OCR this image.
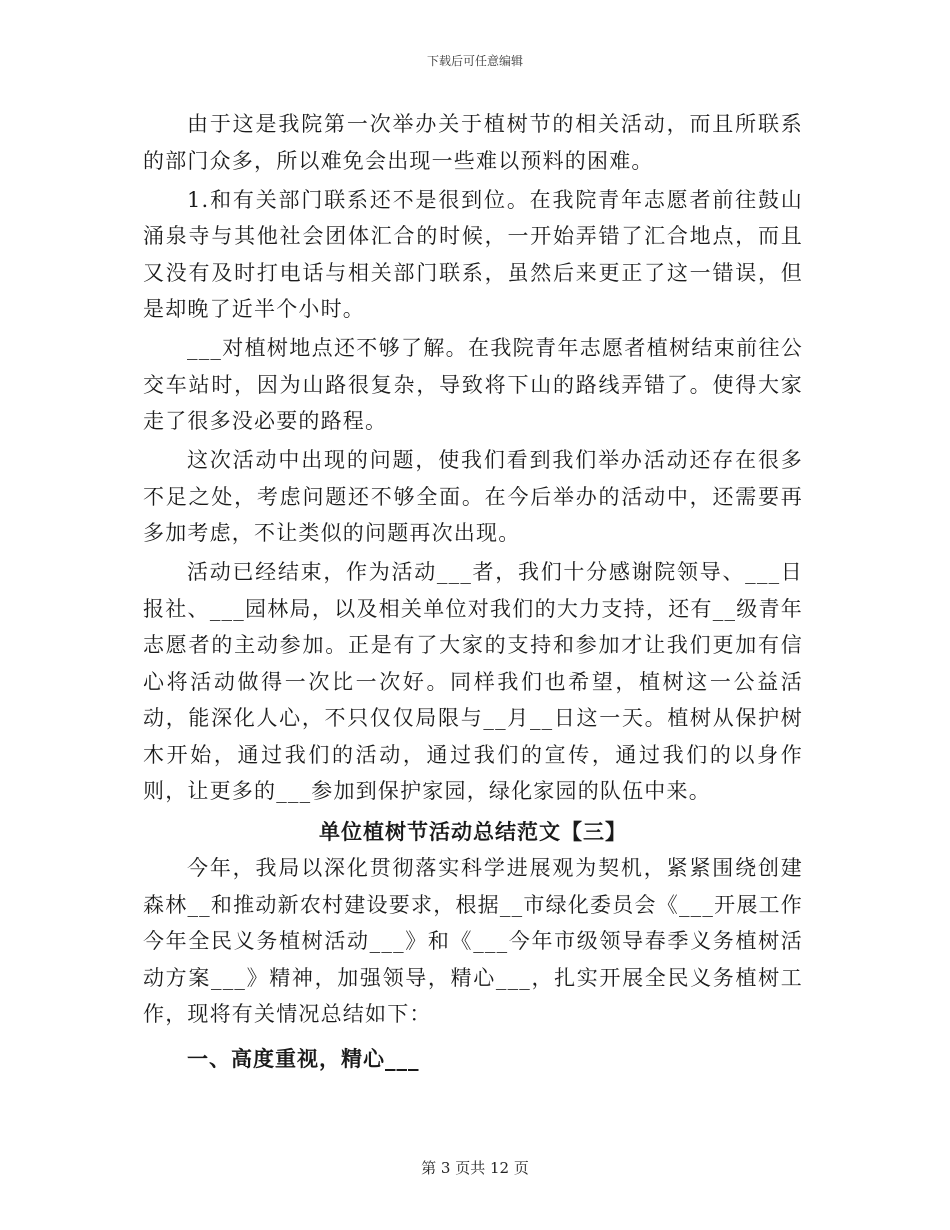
下载后可任意编辑

由于这是我院第一次举办关于植树节的相关活动，而且所联系的部门众多，所以难免会出现一些难以预料的困难。

1.和有关部门联系还不是很到位。在我院青年志愿者前往鼓山涌泉寺与其他社会团体汇合的时候，一开始弄错了汇合地点，而且又没有及时打电话与相关部门联系，虽然后来更正了这一错误，但是却晚了近半个小时。

___对植树地点还不够了解。在我院青年志愿者植树结束前往公交车站时，因为山路很复杂，导致将下山的路线弄错了。使得大家走了很多没必要的路程。

这次活动中出现的问题，使我们看到我们举办活动还存在很多不足之处，考虑问题还不够全面。在今后举办的活动中，还需要再多加考虑，不让类似的问题再次出现。

活动已经结束，作为活动___者，我们十分感谢院领导、___日报社、___园林局，以及相关单位对我们的大力支持，还有__级青年志愿者的主动参加。正是有了大家的支持和参加才让我们更加有信心将活动做得一次比一次好。同样我们也希望，植树这一公益活动，能深化人心，不只仅仅局限与__月__日这一天。植树从保护树木开始，通过我们的活动，通过我们的宣传，通过我们的以身作则，让更多的___参加到保护家园，绿化家园的队伍中来。

单位植树节活动总结范文【三】

今年，我局以深化贯彻落实科学进展观为契机，紧紧围绕创建森林__和推动新农村建设要求，根据__市绿化委员会《___开展工作今年全民义务植树活动___》和《___今年市级领导春季义务植树活动方案___》精神，加强领导，精心___，扎实开展全民义务植树工作，现将有关情况总结如下：

一、高度重视，精心___
第 3 页共 12 页
